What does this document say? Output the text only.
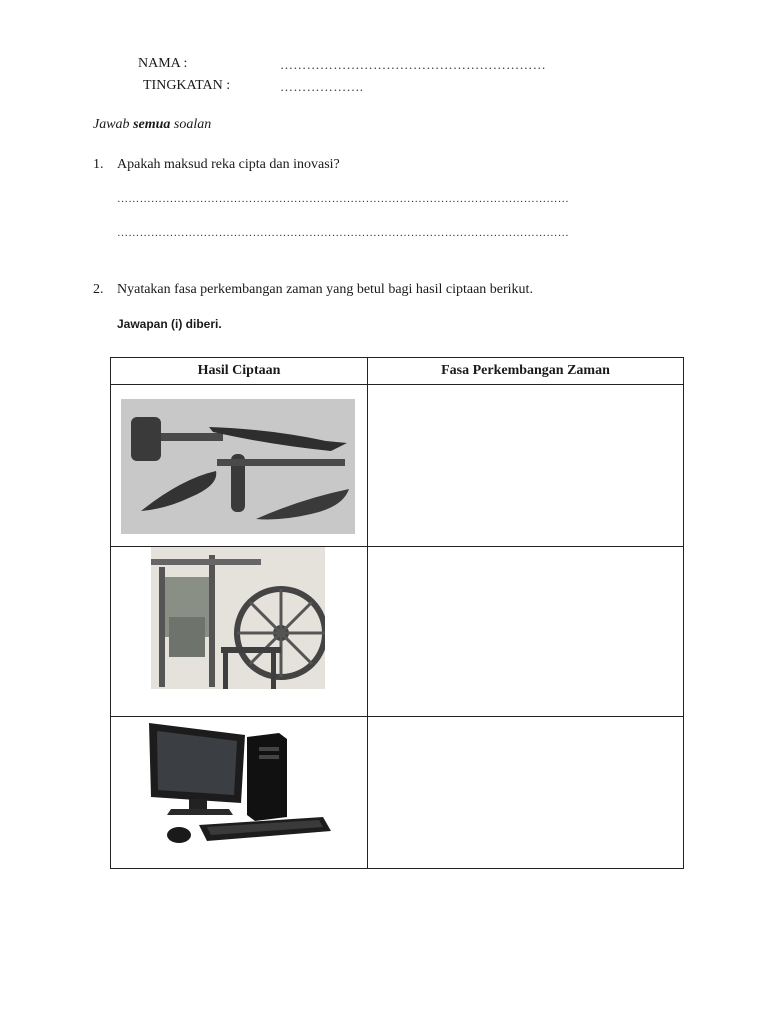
NAMA :	……………………………………………………
TINGKATAN :	……………….
Jawab semua soalan
1. Apakah maksud reka cipta dan inovasi?
…………………………………………………………………………………………………………
…………………………………………………………………………………………………………
2. Nyatakan fasa perkembangan zaman yang betul bagi hasil ciptaan berikut.
Jawapan (i) diberi.
Hasil Ciptaan	Fasa Perkembangan Zaman
